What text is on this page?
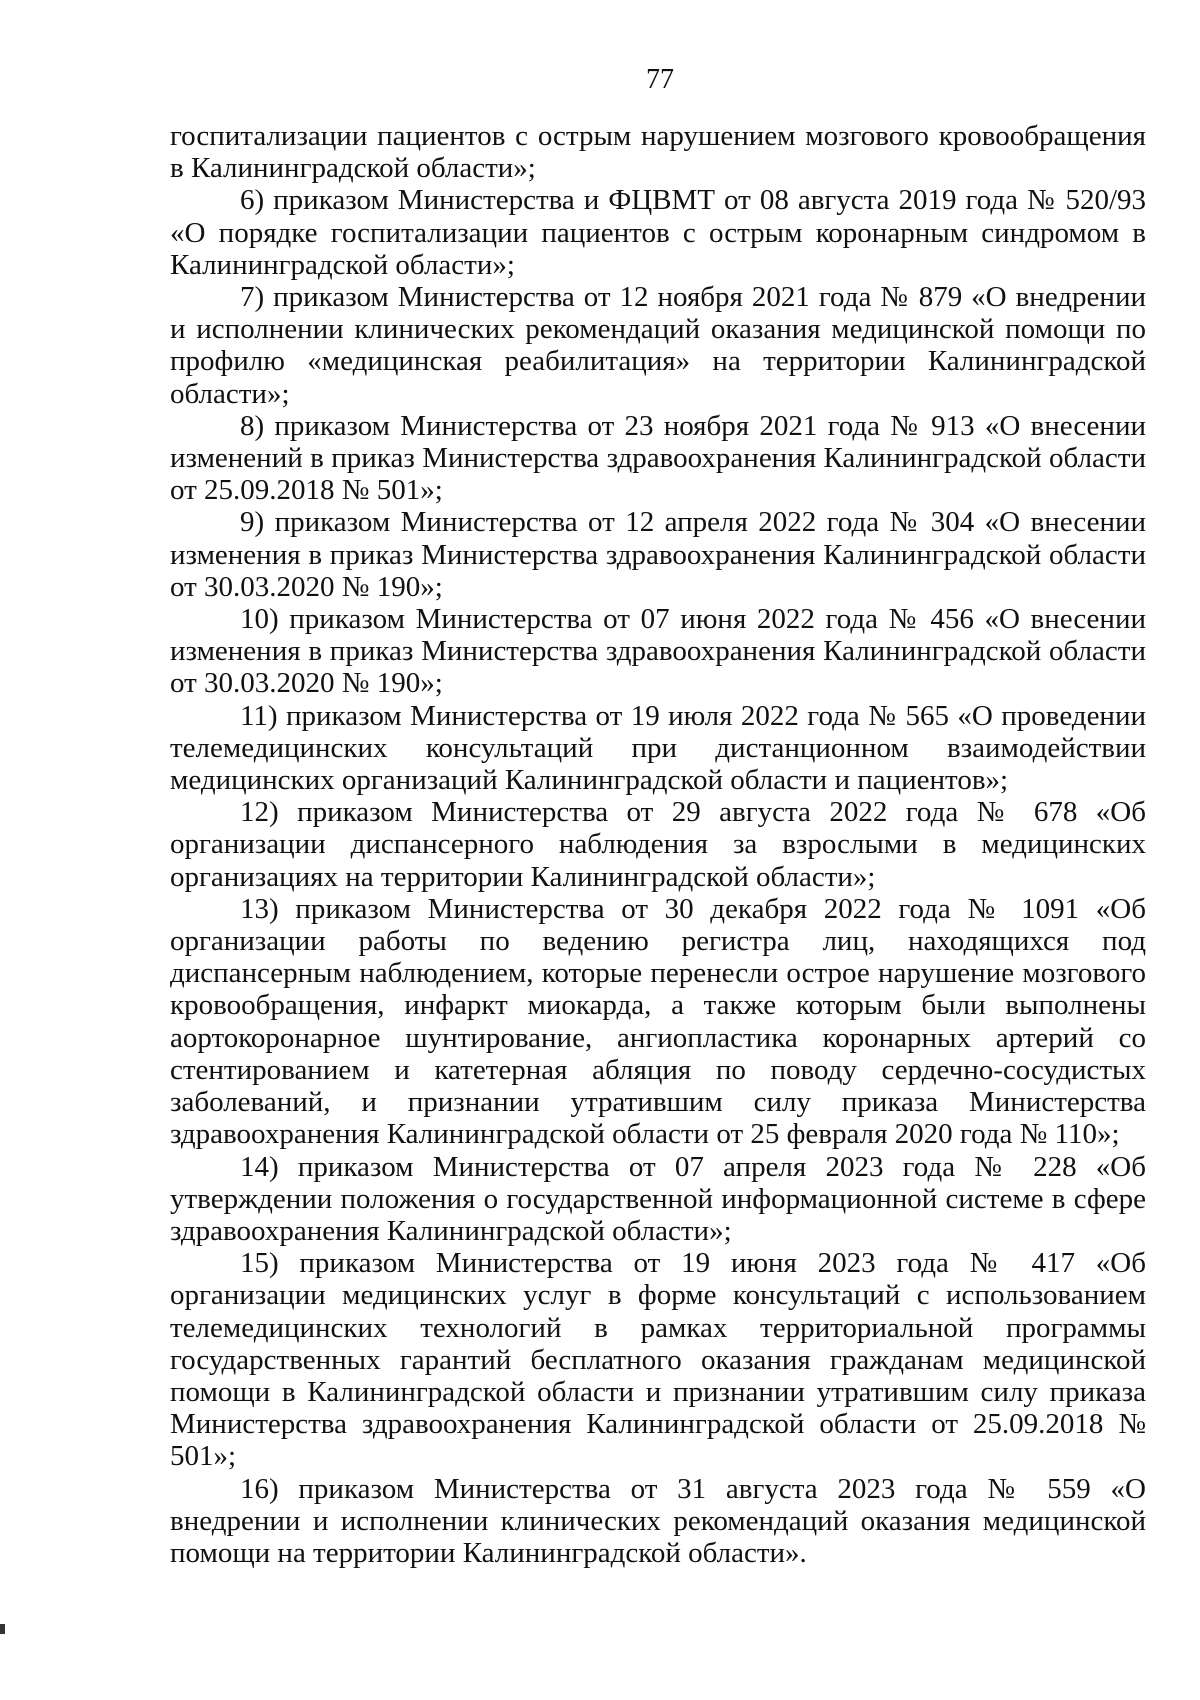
77

госпитализации пациентов с острым нарушением мозгового кровообращения в Калининградской области»;

6) приказом Министерства и ФЦВМТ от 08 августа 2019 года № 520/93 «О порядке госпитализации пациентов с острым коронарным синдромом в Калининградской области»;

7) приказом Министерства от 12 ноября 2021 года № 879 «О внедрении и исполнении клинических рекомендаций оказания медицинской помощи по профилю «медицинская реабилитация» на территории Калининградской области»;

8) приказом Министерства от 23 ноября 2021 года № 913 «О внесении изменений в приказ Министерства здравоохранения Калининградской области от 25.09.2018 № 501»;

9) приказом Министерства от 12 апреля 2022 года № 304 «О внесении изменения в приказ Министерства здравоохранения Калининградской области от 30.03.2020 № 190»;

10) приказом Министерства от 07 июня 2022 года № 456 «О внесении изменения в приказ Министерства здравоохранения Калининградской области от 30.03.2020 № 190»;

11) приказом Министерства от 19 июля 2022 года № 565 «О проведении телемедицинских консультаций при дистанционном взаимодействии медицинских организаций Калининградской области и пациентов»;

12) приказом Министерства от 29 августа 2022 года № 678 «Об организации диспансерного наблюдения за взрослыми в медицинских организациях на территории Калининградской области»;

13) приказом Министерства от 30 декабря 2022 года № 1091 «Об организации работы по ведению регистра лиц, находящихся под диспансерным наблюдением, которые перенесли острое нарушение мозгового кровообращения, инфаркт миокарда, а также которым были выполнены аортокоронарное шунтирование, ангиопластика коронарных артерий со стентированием и катетерная абляция по поводу сердечно-сосудистых заболеваний, и признании утратившим силу приказа Министерства здравоохранения Калининградской области от 25 февраля 2020 года № 110»;

14) приказом Министерства от 07 апреля 2023 года № 228 «Об утверждении положения о государственной информационной системе в сфере здравоохранения Калининградской области»;

15) приказом Министерства от 19 июня 2023 года № 417 «Об организации медицинских услуг в форме консультаций с использованием телемедицинских технологий в рамках территориальной программы государственных гарантий бесплатного оказания гражданам медицинской помощи в Калининградской области и признании утратившим силу приказа Министерства здравоохранения Калининградской области от 25.09.2018 № 501»;

16) приказом Министерства от 31 августа 2023 года № 559 «О внедрении и исполнении клинических рекомендаций оказания медицинской помощи на территории Калининградской области».
